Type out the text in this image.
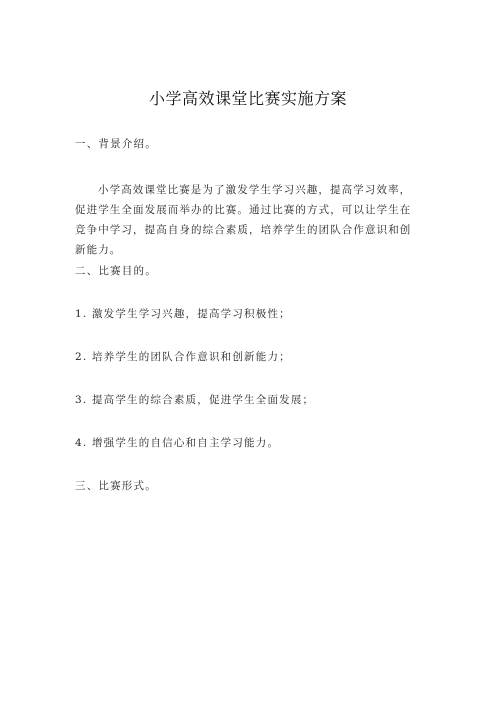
小学高效课堂比赛实施方案
一、背景介绍。
小学高效课堂比赛是为了激发学生学习兴趣，提高学习效率，
促进学生全面发展而举办的比赛。通过比赛的方式，可以让学生在
竞争中学习，提高自身的综合素质，培养学生的团队合作意识和创
新能力。
二、比赛目的。
1. 激发学生学习兴趣，提高学习积极性；
2. 培养学生的团队合作意识和创新能力；
3. 提高学生的综合素质，促进学生全面发展；
4. 增强学生的自信心和自主学习能力。
三、比赛形式。
